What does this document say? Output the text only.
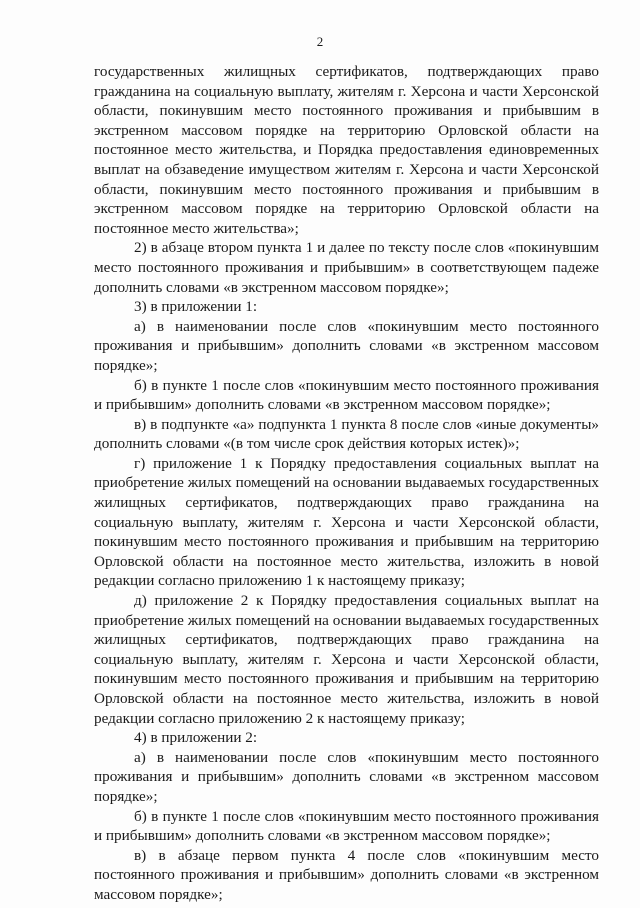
2

государственных жилищных сертификатов, подтверждающих право гражданина на социальную выплату, жителям г. Херсона и части Херсонской области, покинувшим место постоянного проживания и прибывшим в экстренном массовом порядке на территорию Орловской области на постоянное место жительства, и Порядка предоставления единовременных выплат на обзаведение имуществом жителям г. Херсона и части Херсонской области, покинувшим место постоянного проживания и прибывшим в экстренном массовом порядке на территорию Орловской области на постоянное место жительства»;

2) в абзаце втором пункта 1 и далее по тексту после слов «покинувшим место постоянного проживания и прибывшим» в соответствующем падеже дополнить словами «в экстренном массовом порядке»;

3) в приложении 1:

а) в наименовании после слов «покинувшим место постоянного проживания и прибывшим» дополнить словами «в экстренном массовом порядке»;

б) в пункте 1 после слов «покинувшим место постоянного проживания и прибывшим» дополнить словами «в экстренном массовом порядке»;

в) в подпункте «а» подпункта 1 пункта 8 после слов «иные документы» дополнить словами «(в том числе срок действия которых истек)»;

г) приложение 1 к Порядку предоставления социальных выплат на приобретение жилых помещений на основании выдаваемых государственных жилищных сертификатов, подтверждающих право гражданина на социальную выплату, жителям г. Херсона и части Херсонской области, покинувшим место постоянного проживания и прибывшим на территорию Орловской области на постоянное место жительства, изложить в новой редакции согласно приложению 1 к настоящему приказу;

д) приложение 2 к Порядку предоставления социальных выплат на приобретение жилых помещений на основании выдаваемых государственных жилищных сертификатов, подтверждающих право гражданина на социальную выплату, жителям г. Херсона и части Херсонской области, покинувшим место постоянного проживания и прибывшим на территорию Орловской области на постоянное место жительства, изложить в новой редакции согласно приложению 2 к настоящему приказу;

4) в приложении 2:

а) в наименовании после слов «покинувшим место постоянного проживания и прибывшим» дополнить словами «в экстренном массовом порядке»;

б) в пункте 1 после слов «покинувшим место постоянного проживания и прибывшим» дополнить словами «в экстренном массовом порядке»;

в) в абзаце первом пункта 4 после слов «покинувшим место постоянного проживания и прибывшим» дополнить словами «в экстренном массовом порядке»;
